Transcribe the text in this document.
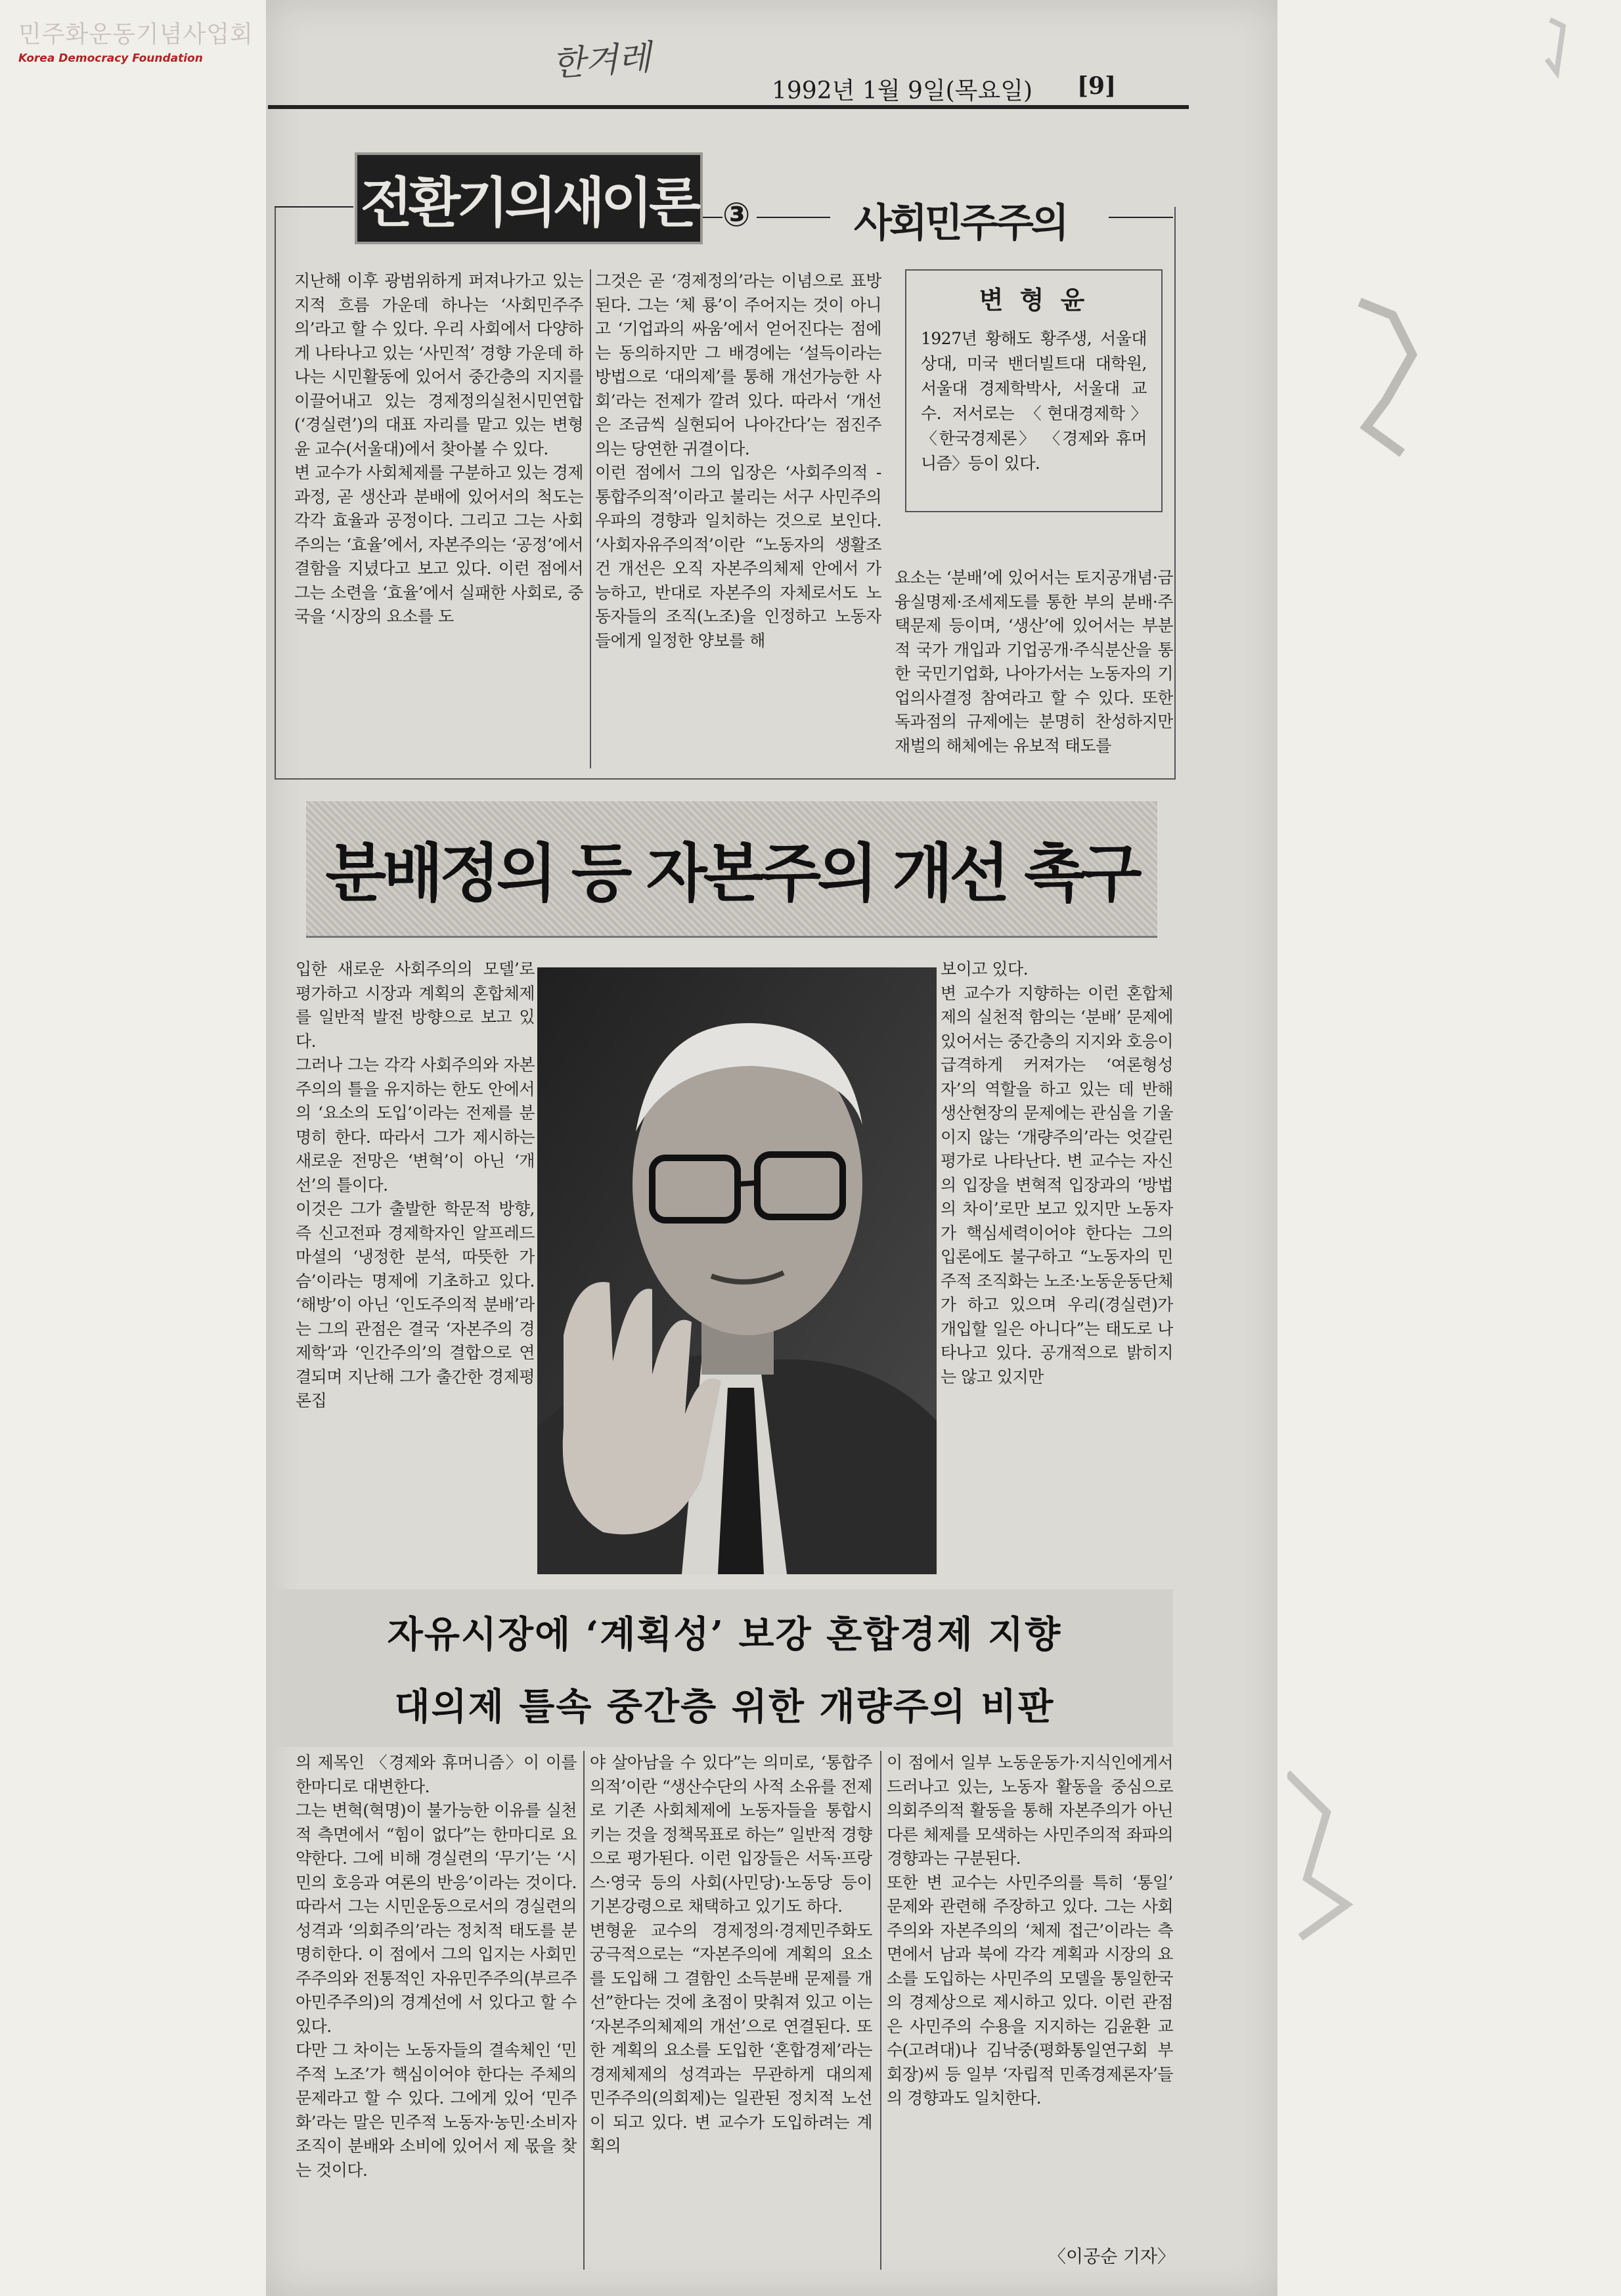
민주화운동기념사업회
Korea Democracy Foundation	한겨레
1992년 1월 9일(목요일) [9]
전환기의새이론 ③	사회민주주의
지난해 이후 광범위하게 퍼져나가고 있는 지적 흐름 가운데 하나는 ‘사회민주주의’라고 할 수 있다. 우리 사회에서 다양하게 나타나고 있는 ‘사민적’ 경향 가운데 하나는 시민활동에 있어서 중간층의 지지를 이끌어내고 있는 경제정의실천시민연합(‘경실련’)의 대표 자리를 맡고 있는 변형윤 교수(서울대)에서 찾아볼 수 있다.
변 교수가 사회체제를 구분하고 있는 경제과정, 곧 생산과 분배에 있어서의 척도는 각각 효율과 공정이다. 그리고 그는 사회주의는 ‘효율’에서, 자본주의는 ‘공정’에서 결함을 지녔다고 보고 있다. 이런 점에서 그는 소련을 ‘효율’에서 실패한 사회로, 중국을 ‘시장의 요소를 도
그것은 곧 ‘경제정의’라는 이념으로 표방된다. 그는 ‘체 룡’이 주어지는 것이 아니고 ‘기업과의 싸움’에서 얻어진다는 점에는 동의하지만 그 배경에는 ‘설득이라는 방법으로 ‘대의제’를 통해 개선가능한 사회’라는 전제가 깔려 있다. 따라서 ‘개선은 조금씩 실현되어 나아간다’는 점진주의는 당연한 귀결이다.
이런 점에서 그의 입장은 ‘사회주의적 - 통합주의적’이라고 불리는 서구 사민주의 우파의 경향과 일치하는 것으로 보인다. ‘사회자유주의적’이란 “노동자의 생활조건 개선은 오직 자본주의체제 안에서 가능하고, 반대로 자본주의 자체로서도 노동자들의 조직(노조)을 인정하고 노동자들에게 일정한 양보를 해
변 형 윤
1927년 황해도 황주생, 서울대 상대, 미국 밴더빌트대 대학원, 서울대 경제학박사, 서울대 교수. 저서로는 〈현대경제학〉 〈한국경제론〉 〈경제와 휴머니즘〉등이 있다.
요소는 ‘분배’에 있어서는 토지공개념·금융실명제·조세제도를 통한 부의 분배·주택문제 등이며, ‘생산’에 있어서는 부분적 국가 개입과 기업공개·주식분산을 통한 국민기업화, 나아가서는 노동자의 기업의사결정 참여라고 할 수 있다. 또한 독과점의 규제에는 분명히 찬성하지만 재벌의 해체에는 유보적 태도를
분배정의 등 자본주의 개선 촉구
입한 새로운 사회주의의 모델’로 평가하고 시장과 계획의 혼합체제를 일반적 발전 방향으로 보고 있다.
그러나 그는 각각 사회주의와 자본주의의 틀을 유지하는 한도 안에서의 ‘요소의 도입’이라는 전제를 분명히 한다. 따라서 그가 제시하는 새로운 전망은 ‘변혁’이 아닌 ‘개선’의 틀이다.
이것은 그가 출발한 학문적 방향, 즉 신고전파 경제학자인 알프레드 마셜의 ‘냉정한 분석, 따뜻한 가슴’이라는 명제에 기초하고 있다. ‘해방’이 아닌 ‘인도주의적 분배’라는 그의 관점은 결국 ‘자본주의 경제학’과 ‘인간주의’의 결합으로 연결되며 지난해 그가 출간한 경제평론집
보이고 있다.
변 교수가 지향하는 이런 혼합체제의 실천적 함의는 ‘분배’ 문제에 있어서는 중간층의 지지와 호응이 급격하게 커져가는 ‘여론형성자’의 역할을 하고 있는 데 반해 생산현장의 문제에는 관심을 기울이지 않는 ‘개량주의’라는 엇갈린 평가로 나타난다. 변 교수는 자신의 입장을 변혁적 입장과의 ‘방법의 차이’로만 보고 있지만 노동자가 핵심세력이어야 한다는 그의 입론에도 불구하고 “노동자의 민주적 조직화는 노조·노동운동단체가 하고 있으며 우리(경실련)가 개입할 일은 아니다”는 태도로 나타나고 있다. 공개적으로 밝히지는 않고 있지만
자유시장에 ‘계획성’ 보강 혼합경제 지향
대의제 틀속 중간층 위한 개량주의 비판
의 제목인 〈경제와 휴머니즘〉이 이를 한마디로 대변한다.
그는 변혁(혁명)이 불가능한 이유를 실천적 측면에서 “힘이 없다”는 한마디로 요약한다. 그에 비해 경실련의 ‘무기’는 ‘시민의 호응과 여론의 반응’이라는 것이다. 따라서 그는 시민운동으로서의 경실련의 성격과 ‘의회주의’라는 정치적 태도를 분명히한다. 이 점에서 그의 입지는 사회민주주의와 전통적인 자유민주주의(부르주아민주주의)의 경계선에 서 있다고 할 수 있다.
다만 그 차이는 노동자들의 결속체인 ‘민주적 노조’가 핵심이어야 한다는 주체의 문제라고 할 수 있다. 그에게 있어 ‘민주화’라는 말은 민주적 노동자·농민·소비자 조직이 분배와 소비에 있어서 제 몫을 찾는 것이다.
야 살아남을 수 있다”는 의미로, ‘통합주의적’이란 “생산수단의 사적 소유를 전제로 기존 사회체제에 노동자들을 통합시키는 것을 정책목표로 하는” 일반적 경향으로 평가된다. 이런 입장들은 서독·프랑스·영국 등의 사회(사민당)·노동당 등이 기본강령으로 채택하고 있기도 하다.
변형윤 교수의 경제정의·경제민주화도 궁극적으로는 “자본주의에 계획의 요소를 도입해 그 결함인 소득분배 문제를 개선”한다는 것에 초점이 맞춰져 있고 이는 ‘자본주의체제의 개선’으로 연결된다. 또한 계획의 요소를 도입한 ‘혼합경제’라는 경제체제의 성격과는 무관하게 대의제 민주주의(의회제)는 일관된 정치적 노선이 되고 있다. 변 교수가 도입하려는 계획의
이 점에서 일부 노동운동가·지식인에게서 드러나고 있는, 노동자 활동을 중심으로 의회주의적 활동을 통해 자본주의가 아닌 다른 체제를 모색하는 사민주의적 좌파의 경향과는 구분된다.
또한 변 교수는 사민주의를 특히 ‘통일’ 문제와 관련해 주장하고 있다. 그는 사회주의와 자본주의의 ‘체제 접근’이라는 측면에서 남과 북에 각각 계획과 시장의 요소를 도입하는 사민주의 모델을 통일한국의 경제상으로 제시하고 있다. 이런 관점은 사민주의 수용을 지지하는 김윤환 교수(고려대)나 김낙중(평화통일연구회 부회장)씨 등 일부 ‘자립적 민족경제론자’들의 경향과도 일치한다.
〈이공순 기자〉
